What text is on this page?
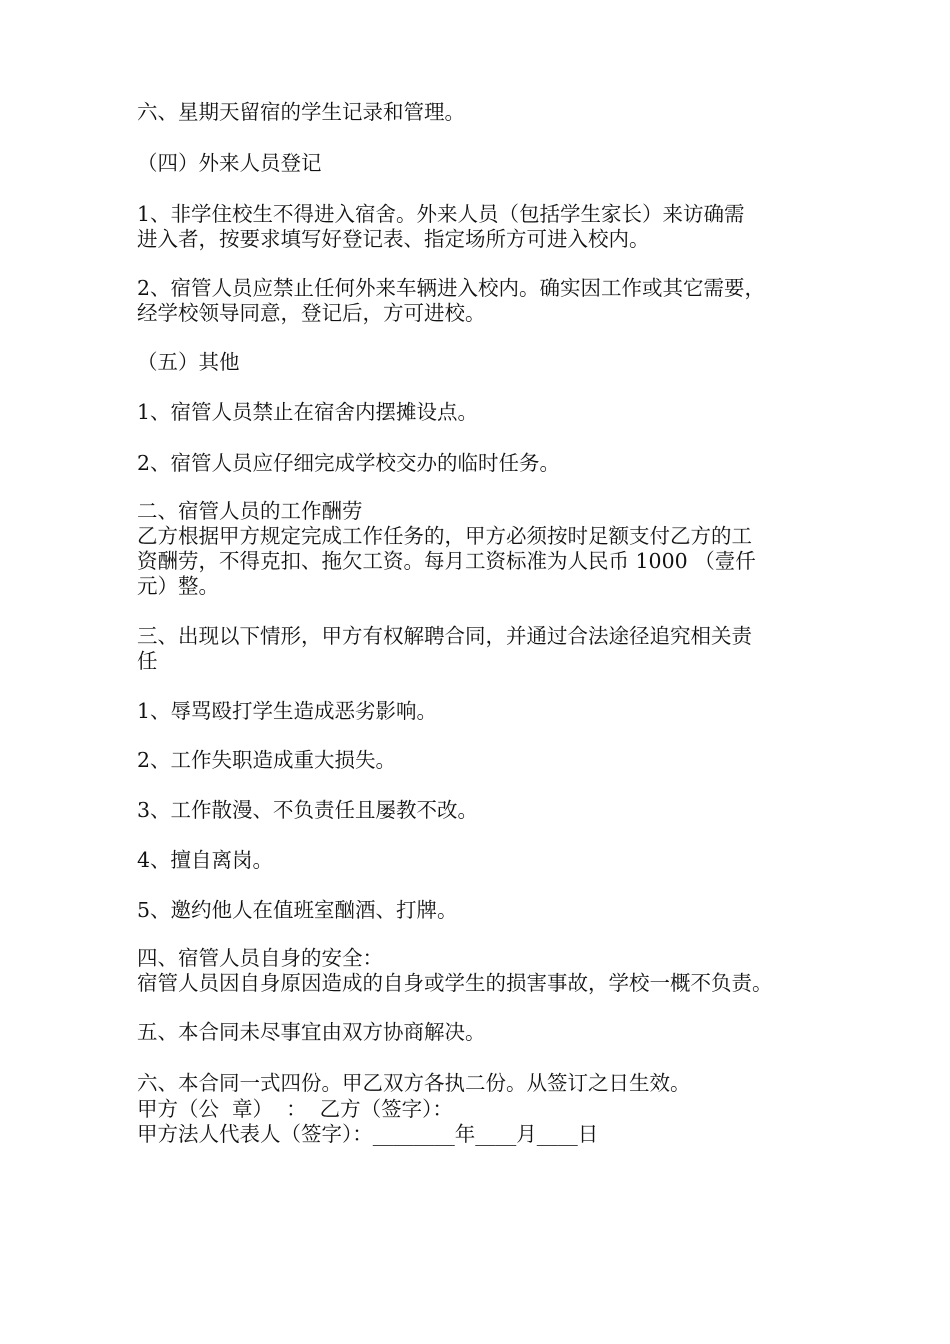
六、星期天留宿的学生记录和管理。
（四）外来人员登记
1、非学住校生不得进入宿舍。外来人员（包括学生家长）来访确需
进入者，按要求填写好登记表、指定场所方可进入校内。
2、宿管人员应禁止任何外来车辆进入校内。确实因工作或其它需要，
经学校领导同意，登记后，方可进校。
（五）其他
1、宿管人员禁止在宿舍内摆摊设点。
2、宿管人员应仔细完成学校交办的临时任务。
二、宿管人员的工作酬劳
乙方根据甲方规定完成工作任务的，甲方必须按时足额支付乙方的工
资酬劳，不得克扣、拖欠工资。每月工资标准为人民币 1000 （壹仟
元）整。
三、出现以下情形，甲方有权解聘合同，并通过合法途径追究相关责
任
1、辱骂殴打学生造成恶劣影响。
2、工作失职造成重大损失。
3、工作散漫、不负责任且屡教不改。
4、擅自离岗。
5、邀约他人在值班室酗酒、打牌。
四、宿管人员自身的安全：
宿管人员因自身原因造成的自身或学生的损害事故，学校一概不负责。
五、本合同未尽事宜由双方协商解决。
六、本合同一式四份。甲乙双方各执二份。从签订之日生效。
甲方（公  章）  ：  乙方（签字）：
甲方法人代表人（签字）：________年____月____日
